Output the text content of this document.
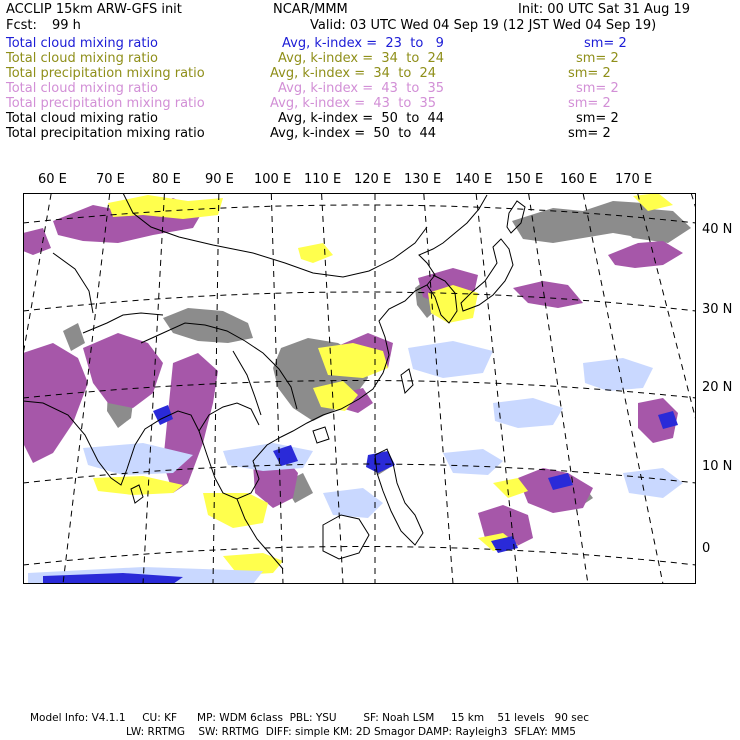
ACCLIP 15km ARW-GFS init	NCAR/MMM	Init: 00 UTC Sat 31 Aug 19
Fcst: 99 h	Valid: 03 UTC Wed 04 Sep 19 (12 JST Wed 04 Sep 19)
Total cloud mixing ratio	Avg, k-index =  23  to   9	sm= 2
Total cloud mixing ratio	Avg, k-index =  34  to  24	sm= 2
Total precipitation mixing ratio	Avg, k-index =  34  to  24	sm= 2
Total cloud mixing ratio	Avg, k-index =  43  to  35	sm= 2
Total precipitation mixing ratio	Avg, k-index =  43  to  35	sm= 2
Total cloud mixing ratio	Avg, k-index =  50  to  44	sm= 2
Total precipitation mixing ratio	Avg, k-index =  50  to  44	sm= 2
60 E 70 E 80 E 90 E 100 E 110 E 120 E 130 E 140 E 150 E 160 E 170 E
40 N
30 N
20 N
10 N
0
Model Info: V4.1.1     CU: KF      MP: WDM 6class  PBL: YSU        SF: Noah LSM     15 km    51 levels   90 sec
LW: RRTMG    SW: RRTMG  DIFF: simple KM: 2D Smagor DAMP: Rayleigh3  SFLAY: MM5
